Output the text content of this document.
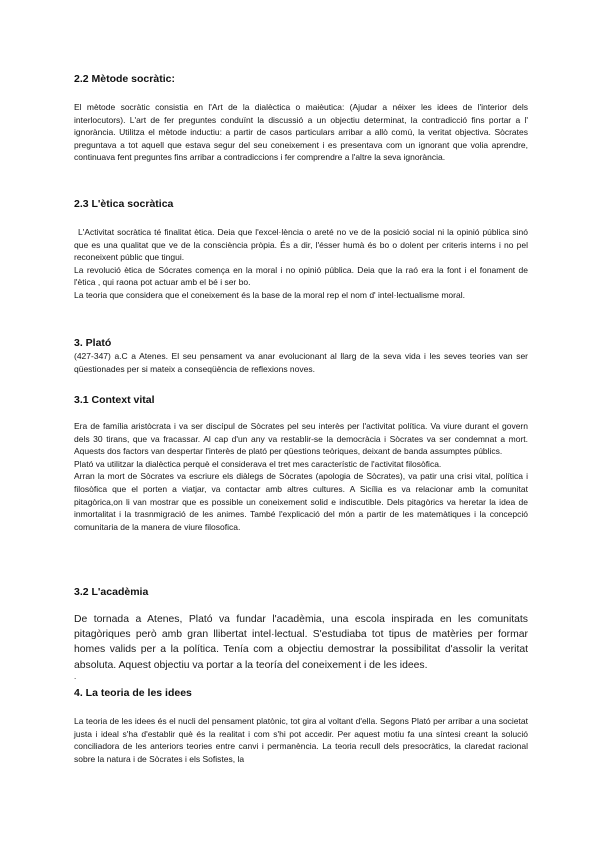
2.2 Mètode socràtic:

El mètode socràtic consistia en l'Art de la dialèctica o maièutica: (Ajudar a néixer les idees de l'interior dels interlocutors). L'art de fer preguntes conduïnt la discussió a un objectiu determinat, la contradicció fins portar a l' ignorància. Utilitza el mètode inductiu: a partir de casos particulars arribar a allò comú, la veritat objectiva. Sòcrates preguntava a tot aquell que estava segur del seu coneixement i es presentava com un ignorant que volia aprendre, continuava fent preguntes fins arribar a contradiccions i fer comprendre a l'altre la seva ignorància.

2.3 L'ètica socràtica

L'Activitat socràtica té finalitat ètica. Deia que l'excel·lència o areté no ve de la posició social ni la opinió pública sinó que es una qualitat que ve de la consciència pròpia. És a dir, l'ésser humà és bo o dolent per criteris interns i no pel reconeixent públic que tingui.

La revolució ètica de Sócrates comença en la moral i no opinió pública. Deia que la raó era la font i el fonament de l'ètica , qui raona pot actuar amb el bé i ser bo.

La teoria que considera que el coneixement és la base de la moral rep el nom d' intel·lectualisme moral.

3. Plató

(427-347) a.C a Atenes. El seu pensament va anar evolucionant al llarg de la seva vida i les seves teories van ser qüestionades per si mateix a conseqüència de reflexions noves.

3.1 Context vital

Era de família aristòcrata i va ser discípul de Sòcrates pel seu interès per l'activitat política. Va viure durant el govern dels 30 tirans, que va fracassar. Al cap d'un any va restablir-se la democràcia i Sòcrates va ser condemnat a mort. Aquests dos factors van despertar l'interès de plató per qüestions teòriques, deixant de banda assumptes públics.

Plató va utilitzar la dialèctica perquè el considerava el tret mes característic de l'activitat filosòfica.

Arran la mort de Sòcrates va escriure els diàlegs de Sòcrates (apologia de Sòcrates), va patir una crisi vital, política i filosòfica que el porten a viatjar, va contactar amb altres cultures. A Sicília es va relacionar amb la comunitat pitagòrica,on li van mostrar que es possible un coneixement solid e indiscutible. Dels pitagòrics va heretar la idea de inmortalitat i la trasnmigració de les animes. També l'explicació del món a partir de les matemàtiques i la concepció comunitaria de la manera de viure filosofica.

3.2 L'acadèmia

De tornada a Atenes, Plató va fundar l'acadèmia, una escola inspirada en les comunitats pitagòriques però amb gran llibertat intel·lectual. S'estudiaba tot tipus de matèries per formar homes valids per a la política. Tenía com a objectiu demostrar la possibilitat d'assolir la veritat absoluta. Aquest objectiu va portar a la teoría del coneixement i de les idees.

.
4. La teoria de les idees

La teoria de les idees és el nucli del pensament platònic, tot gira al voltant d'ella. Segons Plató per arribar a una societat justa i ideal s'ha d'establir què és la realitat i com s'hi pot accedir. Per aquest motiu fa una síntesi creant la solució conciliadora de les anteriors teories entre canvi i permanència. La teoria recull dels presocràtics, la claredat racional sobre la natura i de Sòcrates i els Sofistes, la
